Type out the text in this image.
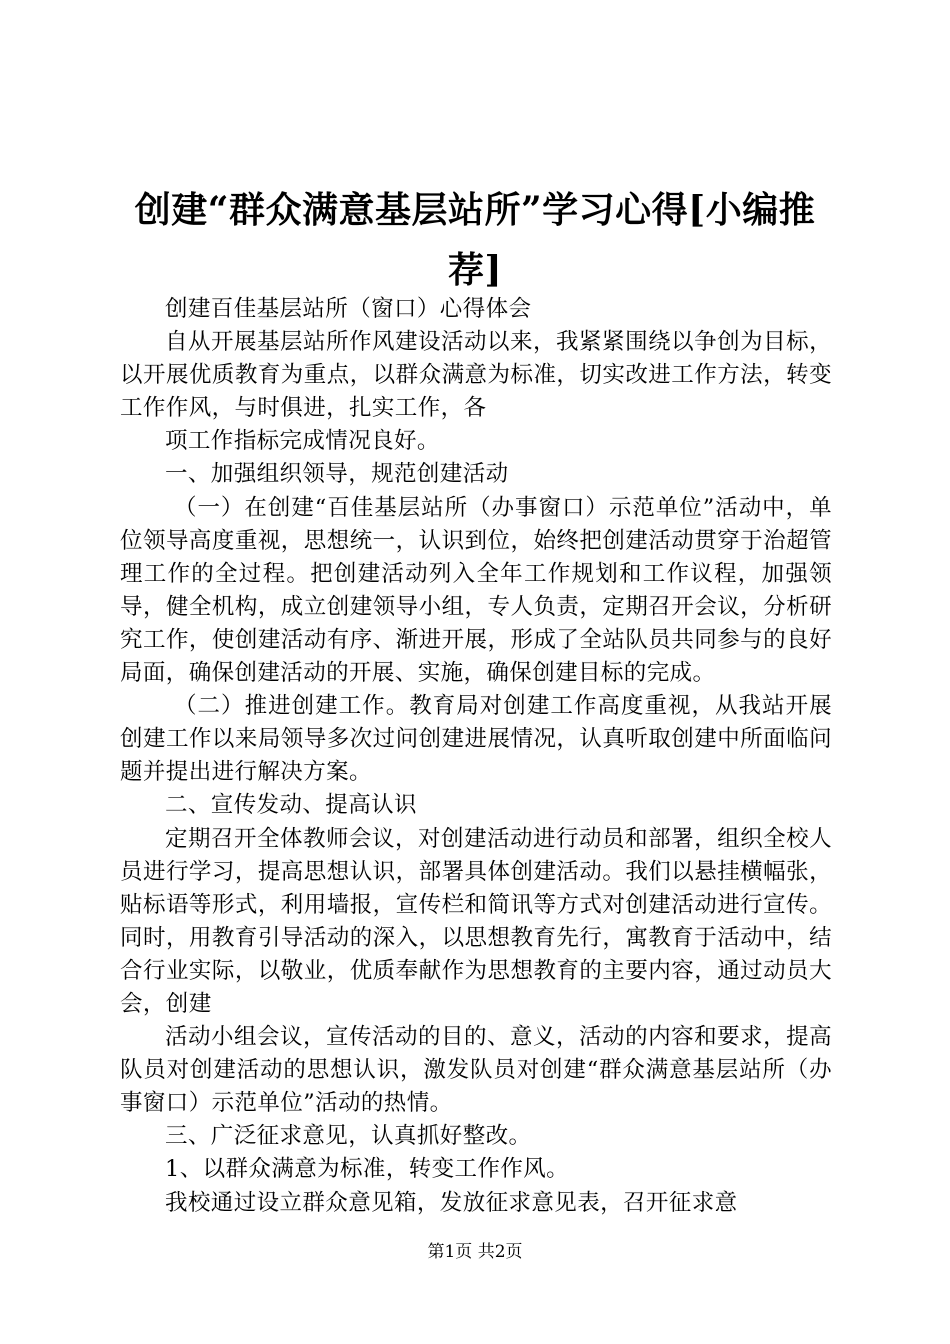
创建“群众满意基层站所”学习心得[小编推荐]

创建百佳基层站所（窗口）心得体会

自从开展基层站所作风建设活动以来，我紧紧围绕以争创为目标，以开展优质教育为重点，以群众满意为标准，切实改进工作方法，转变工作作风，与时俱进，扎实工作，各

项工作指标完成情况良好。

一、加强组织领导，规范创建活动

（一）在创建“百佳基层站所（办事窗口）示范单位”活动中，单位领导高度重视，思想统一，认识到位，始终把创建活动贯穿于治超管理工作的全过程。把创建活动列入全年工作规划和工作议程，加强领导，健全机构，成立创建领导小组，专人负责，定期召开会议，分析研究工作，使创建活动有序、渐进开展，形成了全站队员共同参与的良好局面，确保创建活动的开展、实施，确保创建目标的完成。

（二）推进创建工作。教育局对创建工作高度重视，从我站开展创建工作以来局领导多次过问创建进展情况，认真听取创建中所面临问题并提出进行解决方案。

二、宣传发动、提高认识

定期召开全体教师会议，对创建活动进行动员和部署，组织全校人员进行学习，提高思想认识，部署具体创建活动。我们以悬挂横幅张，贴标语等形式，利用墙报，宣传栏和简讯等方式对创建活动进行宣传。同时，用教育引导活动的深入，以思想教育先行，寓教育于活动中，结合行业实际，以敬业，优质奉献作为思想教育的主要内容，通过动员大会，创建

活动小组会议，宣传活动的目的、意义，活动的内容和要求，提高队员对创建活动的思想认识，激发队员对创建“群众满意基层站所（办事窗口）示范单位”活动的热情。

三、广泛征求意见，认真抓好整改。

1、以群众满意为标准，转变工作作风。

我校通过设立群众意见箱，发放征求意见表，召开征求意

第1页 共2页
